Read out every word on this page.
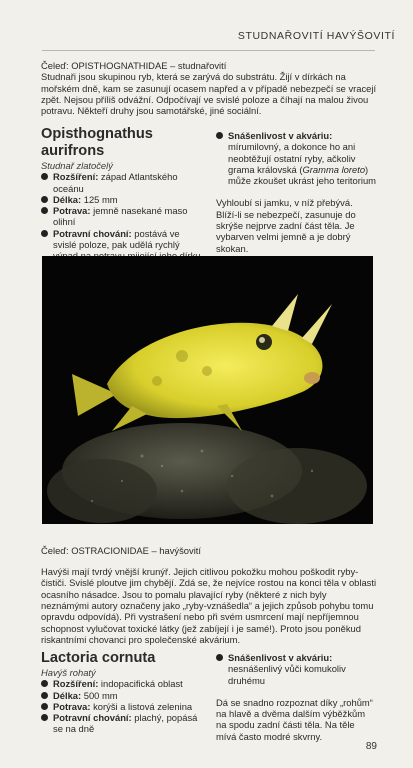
STUDNAŘOVITÍ HAVÝŠOVITÍ

Čeleď: OPISTHOGNATHIDAE – studnařovití

Studnaři jsou skupinou ryb, která se zarývá do substrátu. Žijí v dírkách na mořském dně, kam se zasunují ocasem napřed a v případě nebezpečí se vracejí zpět. Nejsou příliš odvážní. Odpočívají ve svislé poloze a číhají na malou živou potravu. Někteří druhy jsou samotářské, jiné sociální.

Opisthognathus aurifrons

Studnař zlatočelý

Rozšíření: západ Atlantského oceánu

Délka: 125 mm

Potrava: jemně nasekané maso olihní

Potravní chování: postává ve svislé poloze, pak udělá rychlý

Snášenlivost v akváriu: mírumilovný, a dokonce ho ani neobtěžují ostatní ryby, ačkoliv grama královská (Gramma loreto) může zkoušet ukrást jeho teritorium

Vyhloubí si jamku, v níž přebývá. Blíží-li se nebezpečí, zasunuje do skrýše nejprve zadní část těla. Je vybarven velmi jemně a je dobrý skokan.

Čeleď: OSTRACIONIDAE – havýšovití

Havýši mají tvrdý vnější krunýř. Jejich citlivou pokožku mohou poškodit ryby-čističi. Svislé ploutve jim chybějí. Zdá se, že nejvíce rostou na konci těla v oblasti ocasního násadce. Jsou to pomalu plavající ryby (některé z nich byly neznámými autory označeny jako „ryby-vznášedla“ a jejich způsob pohybu tomu opravdu odpovídá). Při vystrašení nebo při svém usmrcení mají nepříjemnou schopnost vylučovat toxické látky (jež zabíjejí i je samé!). Proto jsou poněkud riskantními chovanci pro společenské akvárium.

Lactoria cornuta

Havýš rohatý

Rozšíření: indopacifická oblast

Délka: 500 mm

Potrava: korýši a listová zelenina

Potravní chování: plachý, popásá se na dně

Snášenlivost v akváriu: nesnášenlivý vůči komukoliv druhému

Dá se snadno rozpoznat díky „rohům“ na hlavě a dvěma dalším výběžkům na spodu zadní části těla. Na těle mívá často modré skvrny.

89
